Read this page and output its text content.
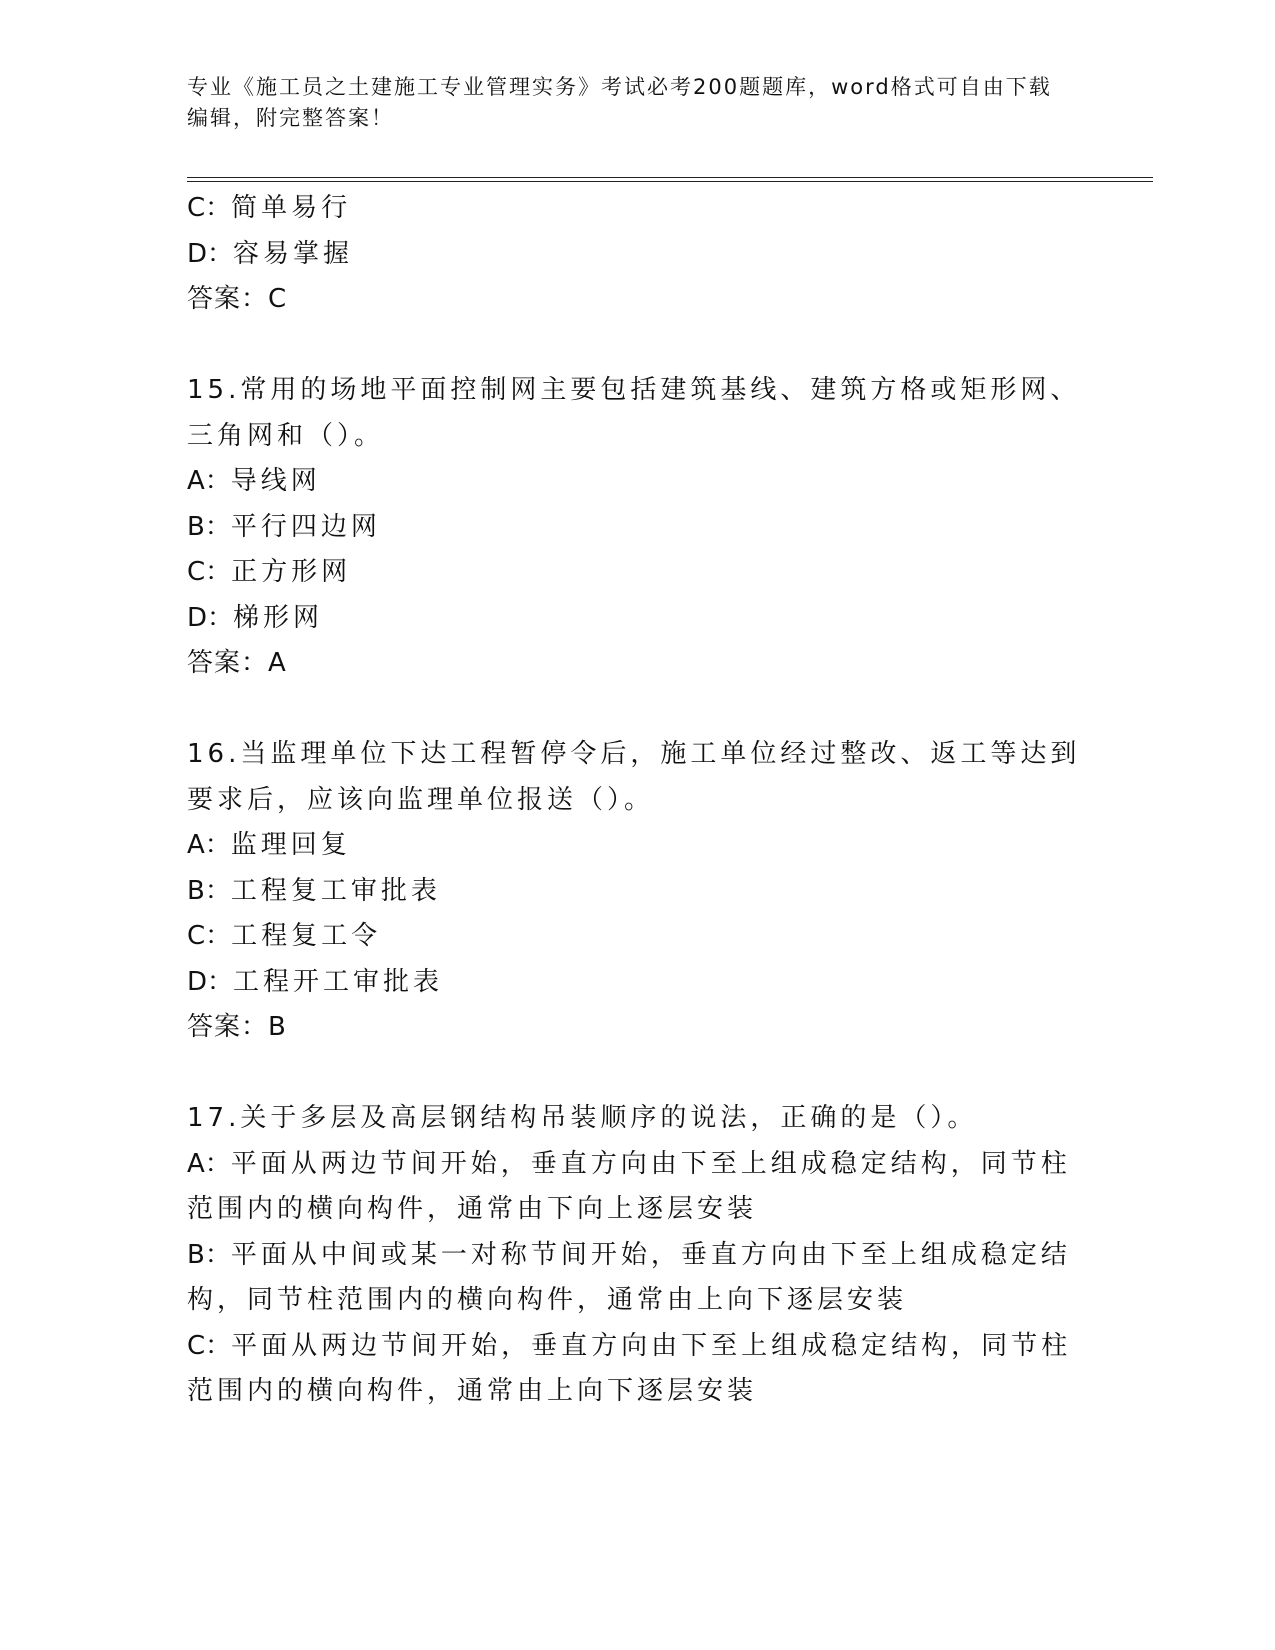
专业《施工员之土建施工专业管理实务》考试必考200题题库，word格式可自由下载编辑，附完整答案！

C：简单易行

D：容易掌握

答案：C

15.常用的场地平面控制网主要包括建筑基线、建筑方格或矩形网、三角网和（）。

A：导线网

B：平行四边网

C：正方形网

D：梯形网

答案：A

16.当监理单位下达工程暂停令后，施工单位经过整改、返工等达到要求后，应该向监理单位报送（）。

A：监理回复

B：工程复工审批表

C：工程复工令

D：工程开工审批表

答案：B

17.关于多层及高层钢结构吊装顺序的说法，正确的是（）。

A：平面从两边节间开始，垂直方向由下至上组成稳定结构，同节柱范围内的横向构件，通常由下向上逐层安装

B：平面从中间或某一对称节间开始，垂直方向由下至上组成稳定结构，同节柱范围内的横向构件，通常由上向下逐层安装

C：平面从两边节间开始，垂直方向由下至上组成稳定结构，同节柱范围内的横向构件，通常由上向下逐层安装
